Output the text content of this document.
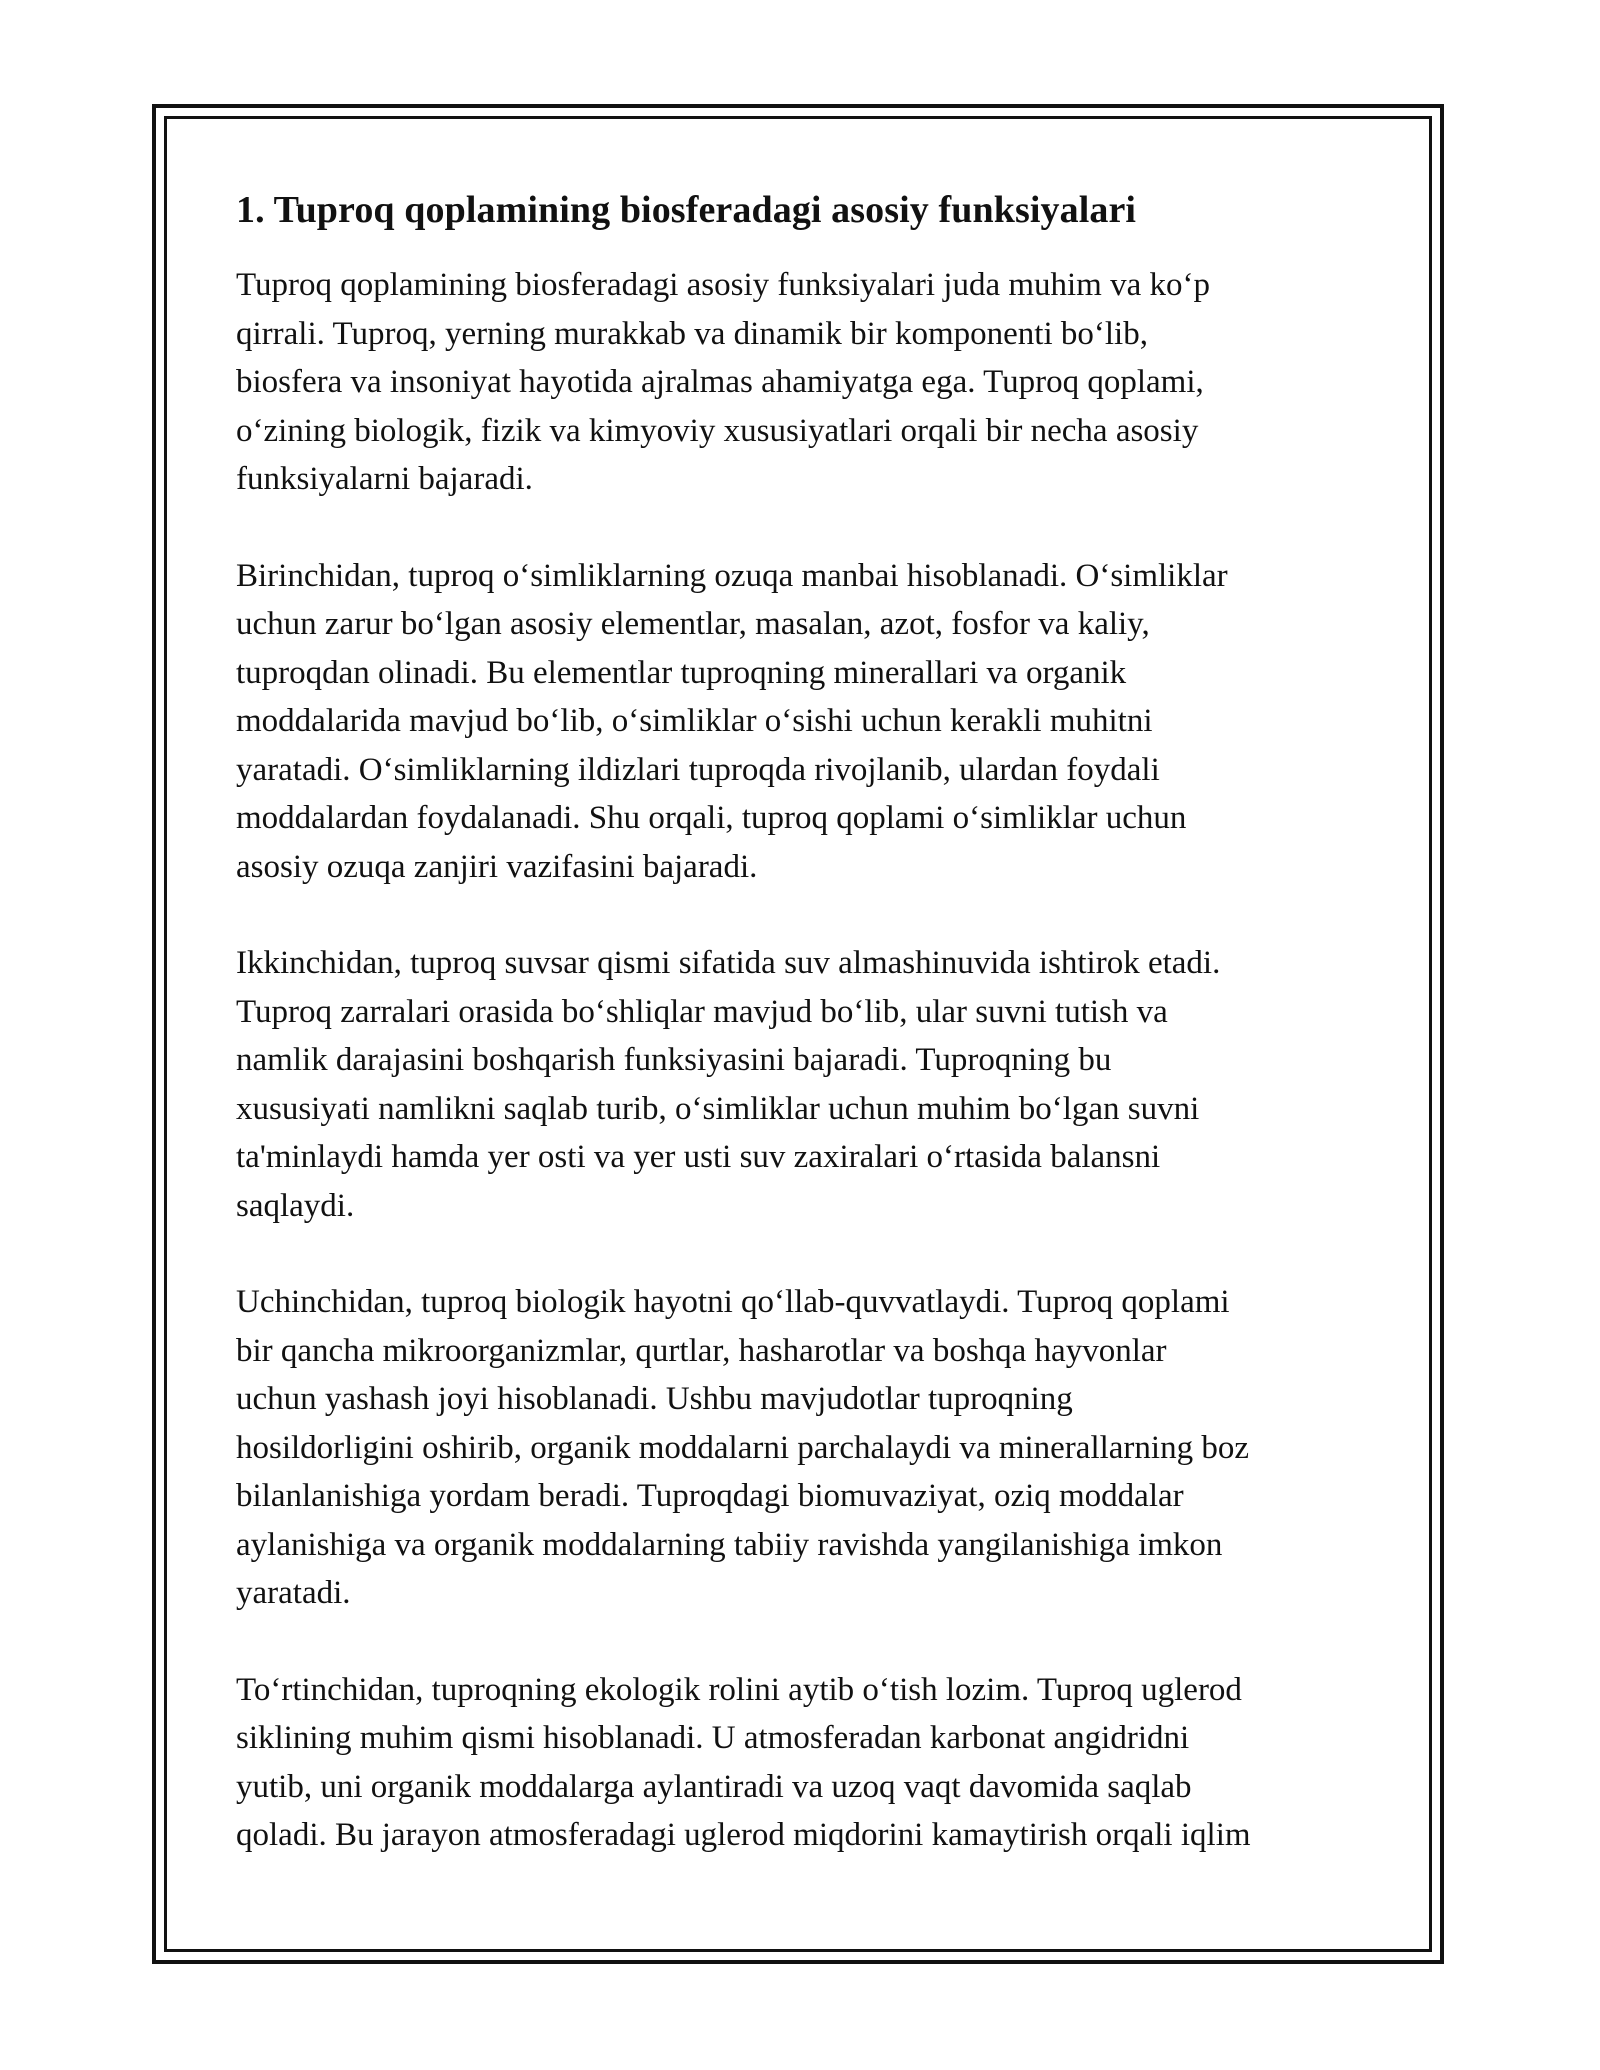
1. Tuproq qoplamining biosferadagi asosiy funksiyalari

Tuproq qoplamining biosferadagi asosiy funksiyalari juda muhim va ko‘p
qirrali. Tuproq, yerning murakkab va dinamik bir komponenti bo‘lib,
biosfera va insoniyat hayotida ajralmas ahamiyatga ega. Tuproq qoplami,
o‘zining biologik, fizik va kimyoviy xususiyatlari orqali bir necha asosiy
funksiyalarni bajaradi.

Birinchidan, tuproq o‘simliklarning ozuqa manbai hisoblanadi. O‘simliklar
uchun zarur bo‘lgan asosiy elementlar, masalan, azot, fosfor va kaliy,
tuproqdan olinadi. Bu elementlar tuproqning minerallari va organik
moddalarida mavjud bo‘lib, o‘simliklar o‘sishi uchun kerakli muhitni
yaratadi. O‘simliklarning ildizlari tuproqda rivojlanib, ulardan foydali
moddalardan foydalanadi. Shu orqali, tuproq qoplami o‘simliklar uchun
asosiy ozuqa zanjiri vazifasini bajaradi.

Ikkinchidan, tuproq suvsar qismi sifatida suv almashinuvida ishtirok etadi.
Tuproq zarralari orasida bo‘shliqlar mavjud bo‘lib, ular suvni tutish va
namlik darajasini boshqarish funksiyasini bajaradi. Tuproqning bu
xususiyati namlikni saqlab turib, o‘simliklar uchun muhim bo‘lgan suvni
ta'minlaydi hamda yer osti va yer usti suv zaxiralari o‘rtasida balansni
saqlaydi.

Uchinchidan, tuproq biologik hayotni qo‘llab-quvvatlaydi. Tuproq qoplami
bir qancha mikroorganizmlar, qurtlar, hasharotlar va boshqa hayvonlar
uchun yashash joyi hisoblanadi. Ushbu mavjudotlar tuproqning
hosildorligini oshirib, organik moddalarni parchalaydi va minerallarning boz
bilanlanishiga yordam beradi. Tuproqdagi biomuvaziyat, oziq moddalar
aylanishiga va organik moddalarning tabiiy ravishda yangilanishiga imkon
yaratadi.

To‘rtinchidan, tuproqning ekologik rolini aytib o‘tish lozim. Tuproq uglerod
siklining muhim qismi hisoblanadi. U atmosferadan karbonat angidridni
yutib, uni organik moddalarga aylantiradi va uzoq vaqt davomida saqlab
qoladi. Bu jarayon atmosferadagi uglerod miqdorini kamaytirish orqali iqlim
